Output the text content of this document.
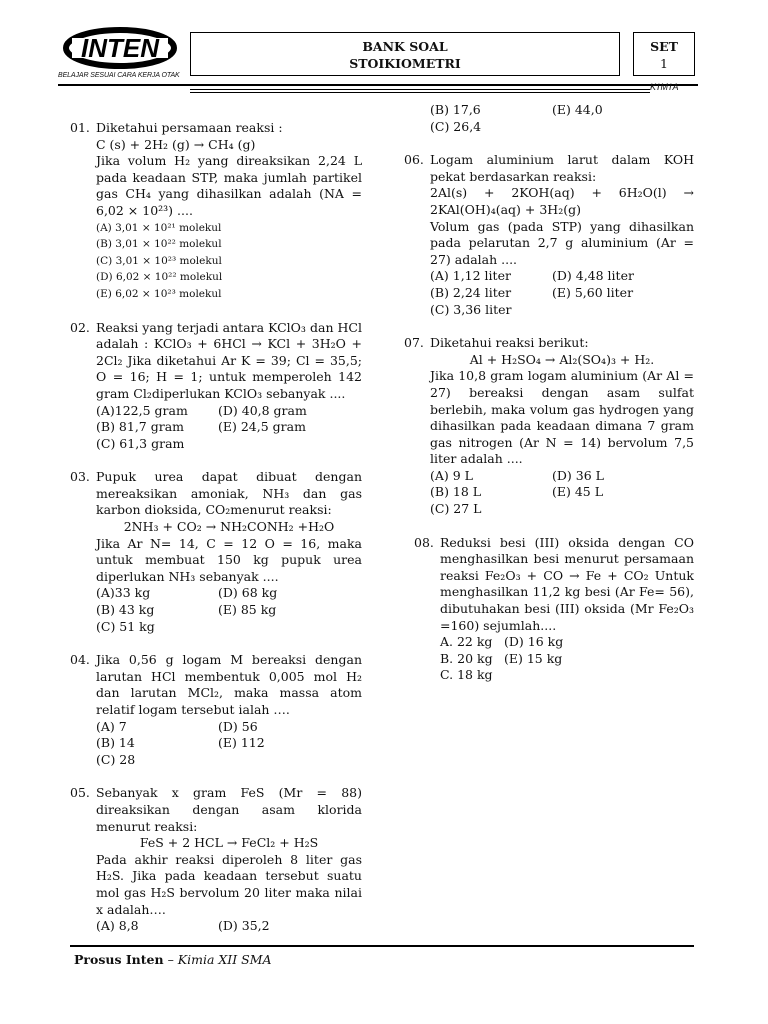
INTEN
BELAJAR SESUAI CARA KERJA OTAK
BANK SOAL
STOIKIOMETRI
SET
1
KIMIA
01. Diketahui persamaan reaksi :
C (s) + 2H₂ (g) → CH₄ (g)
Jika volum H₂ yang direaksikan 2,24 L pada keadaan STP, maka jumlah partikel gas CH₄ yang dihasilkan adalah (NA = 6,02 × 10²³) ....
(A) 3,01 × 10²¹ molekul
(B) 3,01 × 10²² molekul
(C) 3,01 × 10²³ molekul
(D) 6,02 × 10²² molekul
(E) 6,02 × 10²³ molekul
02. Reaksi yang terjadi antara KClO₃ dan HCl adalah : KClO₃ + 6HCl → KCl + 3H₂O + 2Cl₂ Jika diketahui Ar K = 39; Cl = 35,5; O = 16; H = 1; untuk memperoleh 142 gram Cl₂diperlukan KClO₃ sebanyak ....
(A)122,5 gram	(D) 40,8 gram
(B) 81,7 gram	(E) 24,5 gram
(C) 61,3 gram
03. Pupuk urea dapat dibuat dengan mereaksikan amoniak, NH₃ dan gas karbon dioksida, CO₂menurut reaksi:
2NH₃ + CO₂ → NH₂CONH₂ +H₂O
Jika Ar N= 14, C = 12 O = 16, maka untuk membuat 150 kg pupuk urea diperlukan NH₃ sebanyak ....
(A)33 kg	(D) 68 kg
(B) 43 kg	(E) 85 kg
(C) 51 kg
04. Jika 0,56 g logam M bereaksi dengan larutan HCl membentuk 0,005 mol H₂ dan larutan MCl₂, maka massa atom relatif logam tersebut ialah ….
(A) 7	(D) 56
(B) 14	(E) 112
(C) 28
05. Sebanyak x gram FeS (Mr = 88) direaksikan dengan asam klorida menurut reaksi:
FeS + 2 HCL → FeCl₂ + H₂S
Pada akhir reaksi diperoleh 8 liter gas H₂S. Jika pada keadaan tersebut suatu mol gas H₂S bervolum 20 liter maka nilai x adalah….
(A) 8,8	(D) 35,2
(B) 17,6	(E) 44,0
(C) 26,4
06. Logam aluminium larut dalam KOH pekat berdasarkan reaksi:
2Al(s) + 2KOH(aq) + 6H₂O(l) → 2KAl(OH)₄(aq) + 3H₂(g)
Volum gas (pada STP) yang dihasilkan pada pelarutan 2,7 g aluminium (Ar = 27) adalah ....
(A) 1,12 liter	(D) 4,48 liter
(B) 2,24 liter	(E) 5,60 liter
(C) 3,36 liter
07. Diketahui reaksi berikut:
Al + H₂SO₄ → Al₂(SO₄)₃ + H₂.
Jika 10,8 gram logam aluminium (Ar Al = 27) bereaksi dengan asam sulfat berlebih, maka volum gas hydrogen yang dihasilkan pada keadaan dimana 7 gram gas nitrogen (Ar N = 14) bervolum 7,5 liter adalah ....
(A) 9 L	(D) 36 L
(B) 18 L	(E) 45 L
(C) 27 L
08. Reduksi besi (III) oksida dengan CO menghasilkan besi menurut persamaan reaksi Fe₂O₃ + CO → Fe + CO₂ Untuk menghasilkan 11,2 kg besi (Ar Fe= 56), dibutuhakan besi (III) oksida (Mr Fe₂O₃ =160) sejumlah....
A. 22 kg (D) 16 kg
B. 20 kg (E) 15 kg
C. 18 kg
Prosus Inten – Kimia XII SMA
